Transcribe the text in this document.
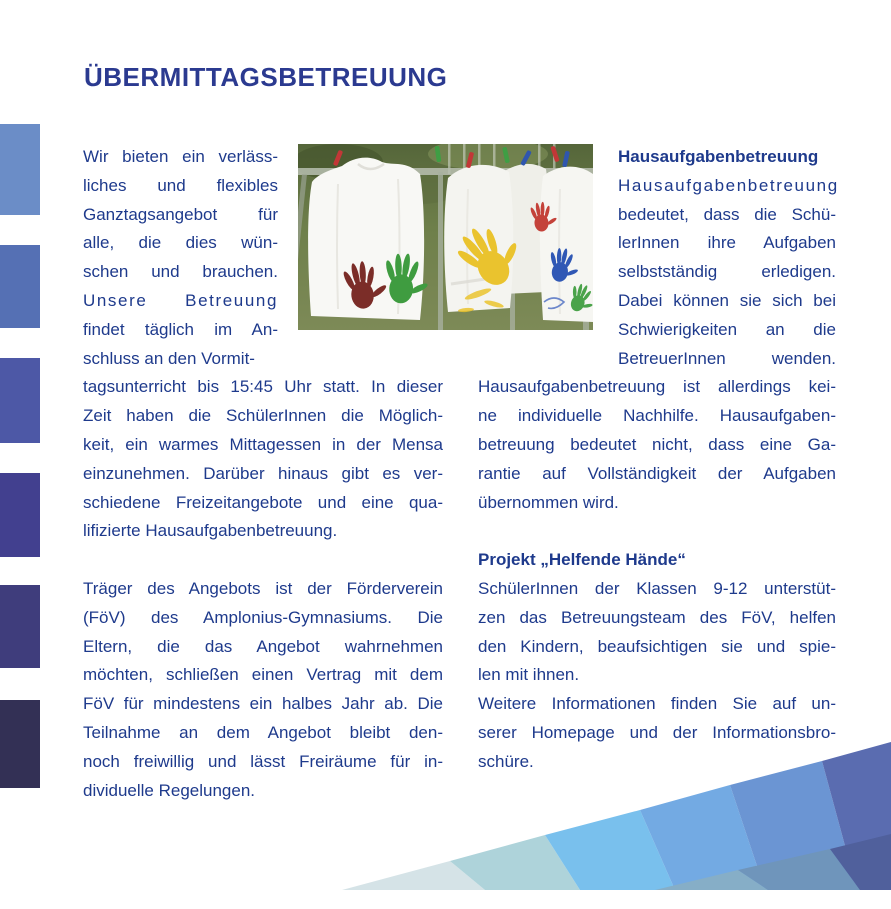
ÜBERMITTAGSBETREUUNG
Wir bieten ein verläss-
liches und flexibles
Ganztagsangebot für
alle, die dies wün-
schen und brauchen.
Unsere Betreuung
findet täglich im An-
schluss an den Vormit-
tagsunterricht bis 15:45 Uhr statt. In dieser
Zeit haben die SchülerInnen die Möglich-
keit, ein warmes Mittagessen in der Mensa
einzunehmen. Darüber hinaus gibt es ver-
schiedene Freizeitangebote und eine qua-
lifizierte Hausaufgabenbetreuung.
Träger des Angebots ist der Förderverein
(FöV) des Amplonius-Gymnasiums. Die
Eltern, die das Angebot wahrnehmen
möchten, schließen einen Vertrag mit dem
FöV für mindestens ein halbes Jahr ab. Die
Teilnahme an dem Angebot bleibt den-
noch freiwillig und lässt Freiräume für in-
dividuelle Regelungen.
Hausaufgabenbetreuung
Hausaufgabenbetreuung
bedeutet, dass die Schü-
lerInnen ihre Aufgaben
selbstständig erledigen.
Dabei können sie sich bei
Schwierigkeiten an die
BetreuerInnen wenden.
Hausaufgabenbetreuung ist allerdings kei-
ne individuelle Nachhilfe. Hausaufgaben-
betreuung bedeutet nicht, dass eine Ga-
rantie auf Vollständigkeit der Aufgaben
übernommen wird.
Projekt „Helfende Hände“
SchülerInnen der Klassen 9-12 unterstüt-
zen das Betreuungsteam des FöV, helfen
den Kindern, beaufsichtigen sie und spie-
len mit ihnen.
Weitere Informationen finden Sie auf un-
serer Homepage und der Informationsbro-
schüre.
